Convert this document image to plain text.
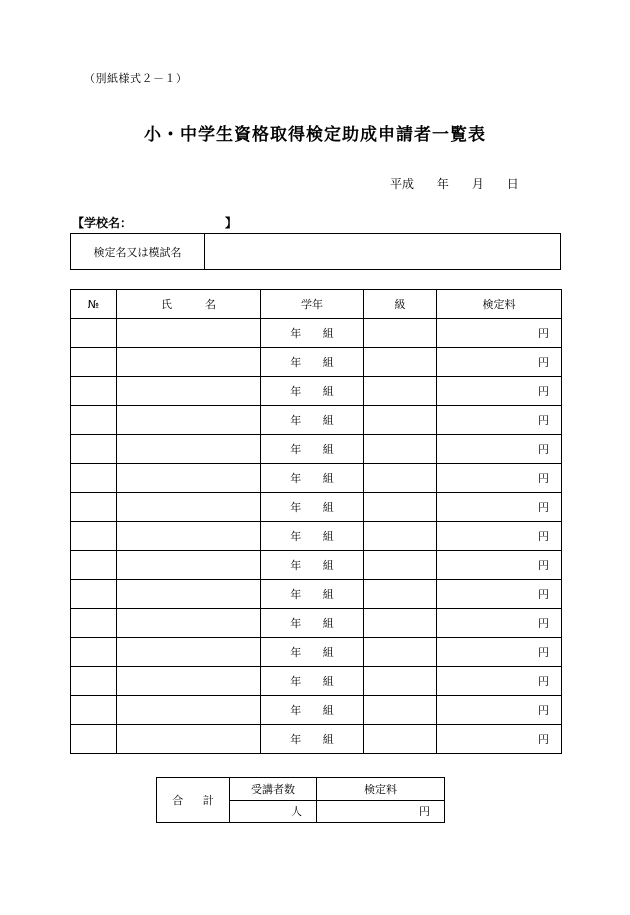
（別紙様式２－１）
小・中学生資格取得検定助成申請者一覧表
平成 年 月 日
【学校名：	】
検定名又は模試名	
№	氏　　　名	学年	級	検定料
		年 組		円
		年 組		円
		年 組		円
		年 組		円
		年 組		円
		年 組		円
		年 組		円
		年 組		円
		年 組		円
		年 組		円
		年 組		円
		年 組		円
		年 組		円
		年 組		円
		年 組		円
合 計	受講者数	検定料
	人	円
